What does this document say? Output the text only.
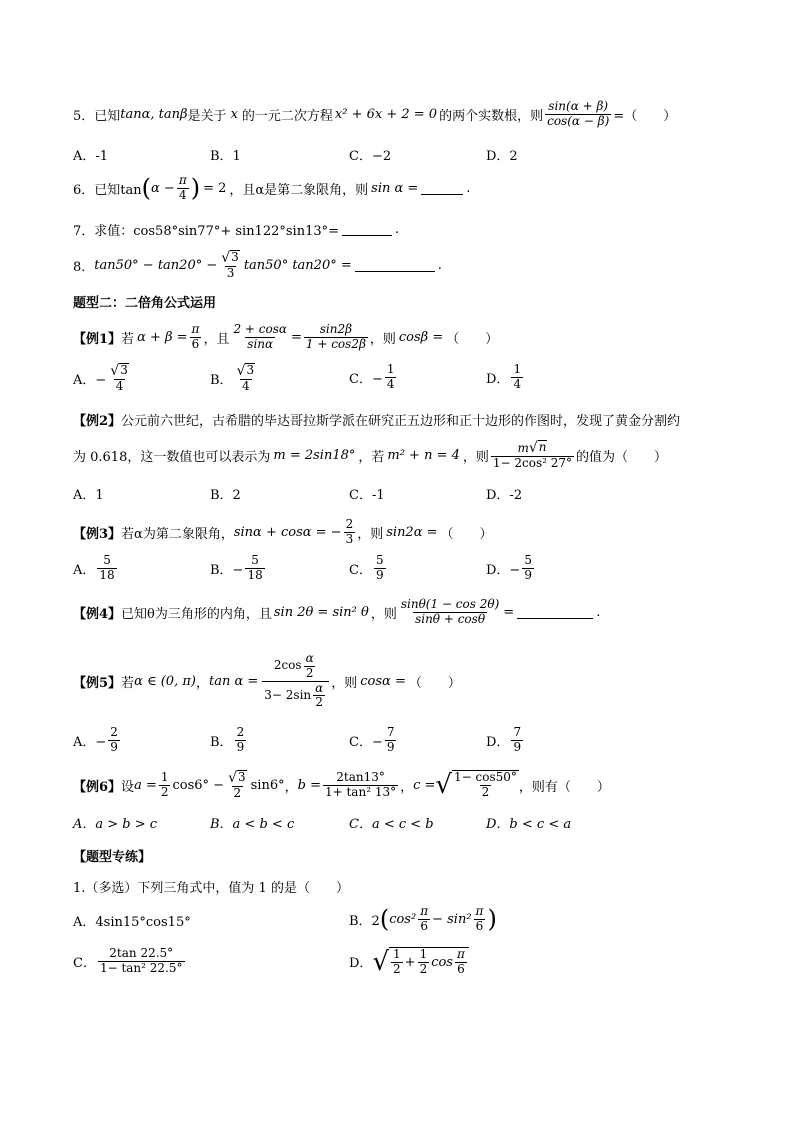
5．已知 tanα, tanβ 是关于 x 的一元二次方程 x² + 6x + 2 = 0 的两个实数根，则 $\frac{\sin(\alpha + \beta)}{\cos(\alpha - \beta)}$ =（　　）
A．-1	B．1	C．−2	D．2
6．已知tan ( $\alpha - \frac{\pi}{4}$ ) = 2 ，且α是第二象限角，则 sin α =	.
7．求值：cos58°sin77°+ sin122°sin13°=	.
8． $\tan 50^\circ - \tan 20^\circ - \frac{√ 3}{3} \tan 50^\circ$ tan20° =	.
题型二：二倍角公式运用
【例1】 若 $\alpha + \beta = \frac{\pi}{6}$ ，且 $\frac{2 + \cos\alpha}{\sin\alpha} = \frac{\sin 2\beta}{1 + \cos 2\beta}$ ，则 cosβ = （　　）
A．− $\frac{√ 3}{4}$	B． $\frac{√ 3}{4}$	C．− $\frac{1}{4}$	D． $\frac{1}{4}$
【例2】 公元前六世纪，古希腊的毕达哥拉斯学派在研究正五边形和正十边形的作图时，发现了黄金分割约
为 0.618，这一数值也可以表示为 m = 2sin18° ，若 m² + n = 4 ，则 $\frac{m √ n}{\text{1− 2cos² 27°}}$ 的值为（　　）
A．1	B．2	C．-1	D．-2
【例3】 若α为第二象限角， sinα + cosα = − $\frac{2}{3}$ ，则 sin2α = （　　）
A． $\frac{5}{18}$	B．− $\frac{5}{18}$	C． $\frac{5}{9}$	D．− $\frac{5}{9}$
【例4】 已知θ为三角形的内角，且 sin 2θ = sin² θ ，则 $\frac{\sin\theta(1 - \cos 2\theta)}{\sin\theta + \cos\theta}$ =	.
【例5】 若 α ∈ (0, π) ， $\tan \alpha = \frac{2\cos \frac{\alpha}{2}}{3- 2\sin \frac{\alpha}{2}}$ ，则 cosα = （　　）
A．− $\frac{2}{9}$	B． $\frac{2}{9}$	C．− $\frac{7}{9}$	D． $\frac{7}{9}$
【例6】 设 $a = \frac{1}{2} \cos 6^\circ - \frac{√ 3}{2} \sin 6^\circ$ ， $b = \frac{2\tan 13^\circ}{\text{1+ tan² 13°}}$ ， c = √ $\frac{1- \cos 50^\circ}{2}$ ，则有（　　）
A．a > b > c	B．a < b < c	C．a < c < b	D．b < c < a
【题型专练】
1.（多选）下列三角式中，值为 1 的是（　　）
A．4sin15°cos15°	B．2 ( $\cos^2 \frac{\pi}{6} - \sin^2 \frac{\pi}{6}$ )
C． $\frac{2\tan 22.5^\circ}{\text{1− tan² 22.5°}}$	D． √ $\frac{1}{2} + \frac{1}{2}$ $\cos \frac{\pi}{6}$
